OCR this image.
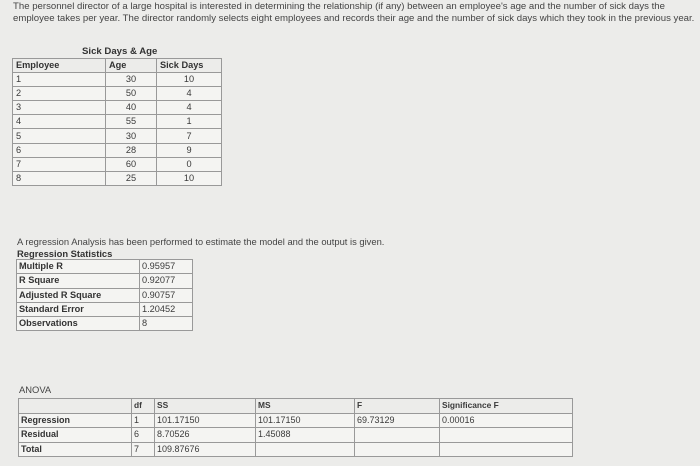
The personnel director of a large hospital is interested in determining the relationship (if any) between an employee's age and the number of sick days the employee takes per year. The director randomly selects eight employees and records their age and the number of sick days which they took in the previous year.

Sick Days & Age
Employee	Age	Sick Days
1	30	10
2	50	4
3	40	4
4	55	1
5	30	7
6	28	9
7	60	0
8	25	10
A regression Analysis has been performed to estimate the model and the output is given.
Regression Statistics
Multiple R	0.95957
R Square	0.92077
Adjusted R Square	0.90757
Standard Error	1.20452
Observations	8
ANOVA
	df	SS	MS	F	Significance F
Regression	1	101.17150	101.17150	69.73129	0.00016
Residual	6	8.70526	1.45088		
Total	7	109.87676			
